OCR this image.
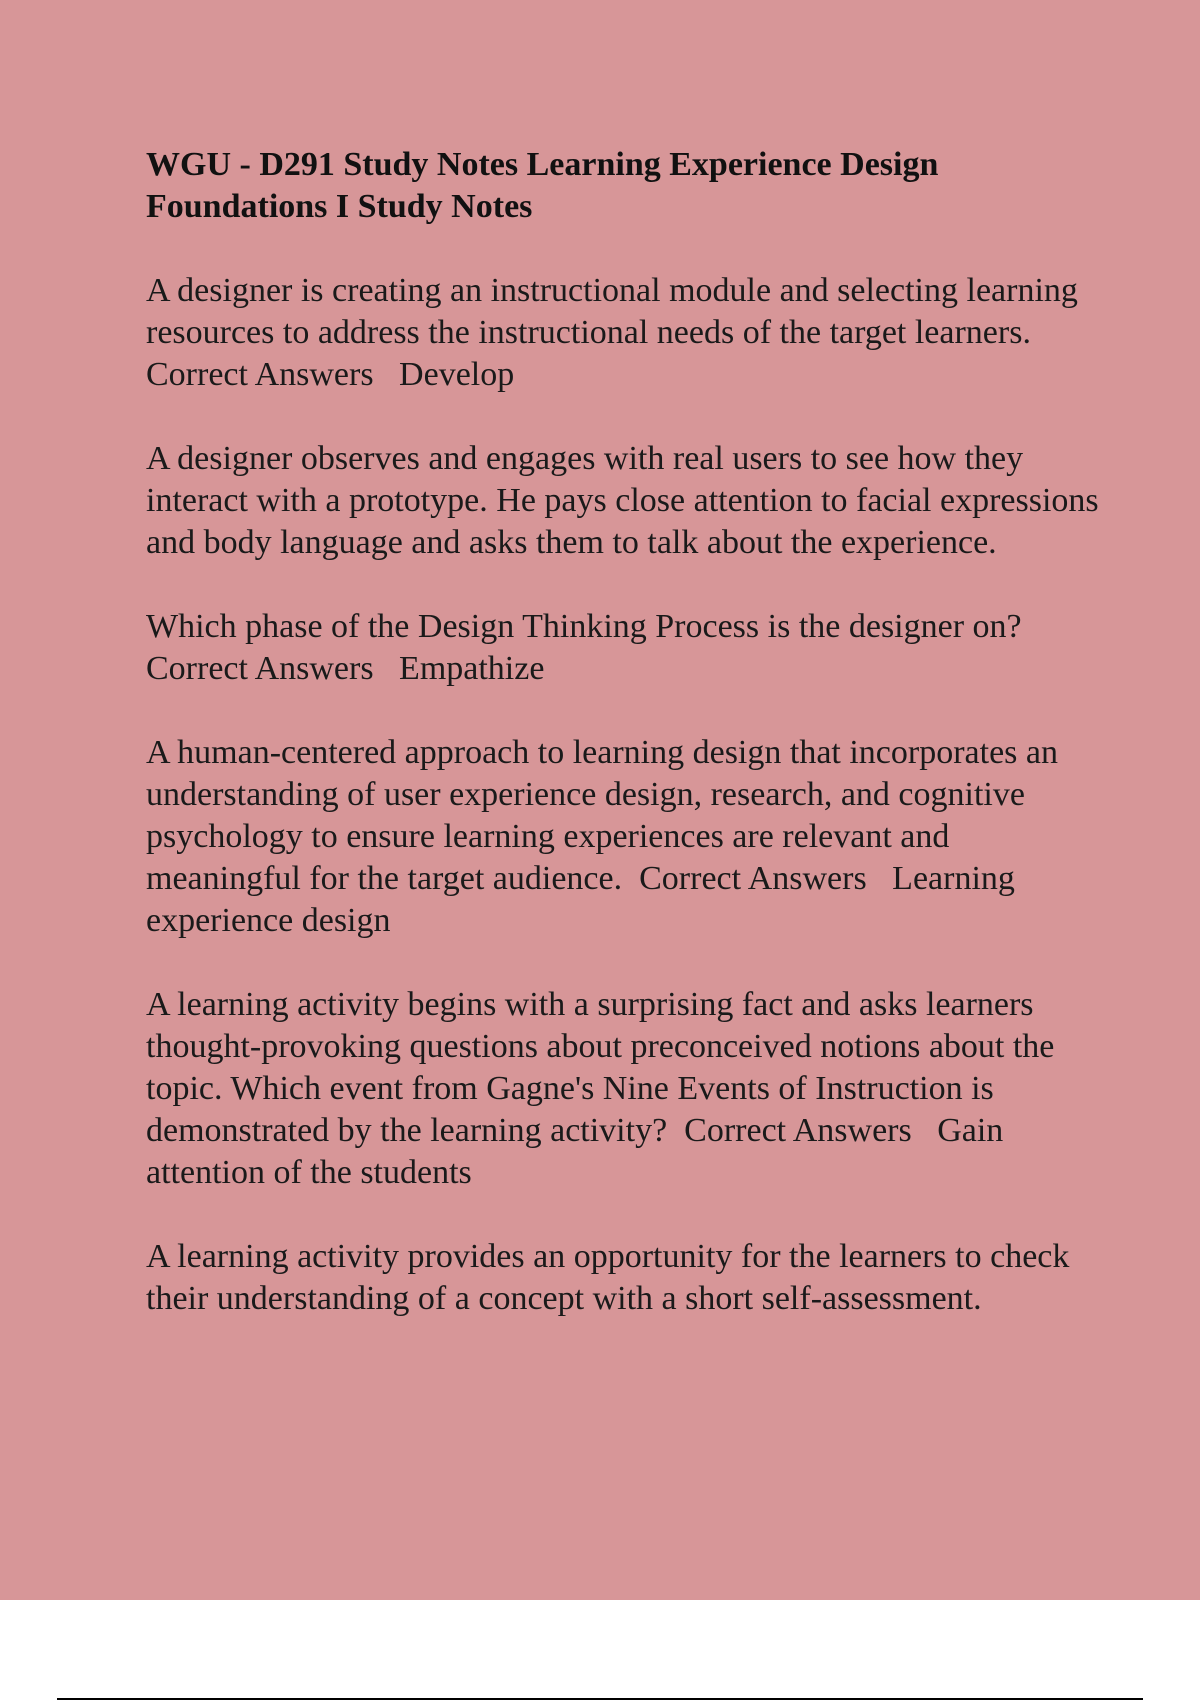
WGU - D291 Study Notes Learning Experience Design Foundations I Study Notes

A designer is creating an instructional module and selecting learning resources to address the instructional needs of the target learners.  Correct Answers   Develop

A designer observes and engages with real users to see how they interact with a prototype. He pays close attention to facial expressions and body language and asks them to talk about the experience.

Which phase of the Design Thinking Process is the designer on?  Correct Answers   Empathize

A human-centered approach to learning design that incorporates an understanding of user experience design, research, and cognitive psychology to ensure learning experiences are relevant and meaningful for the target audience.  Correct Answers   Learning experience design

A learning activity begins with a surprising fact and asks learners thought-provoking questions about preconceived notions about the topic. Which event from Gagne's Nine Events of Instruction is demonstrated by the learning activity?  Correct Answers   Gain attention of the students

A learning activity provides an opportunity for the learners to check their understanding of a concept with a short self-assessment.
